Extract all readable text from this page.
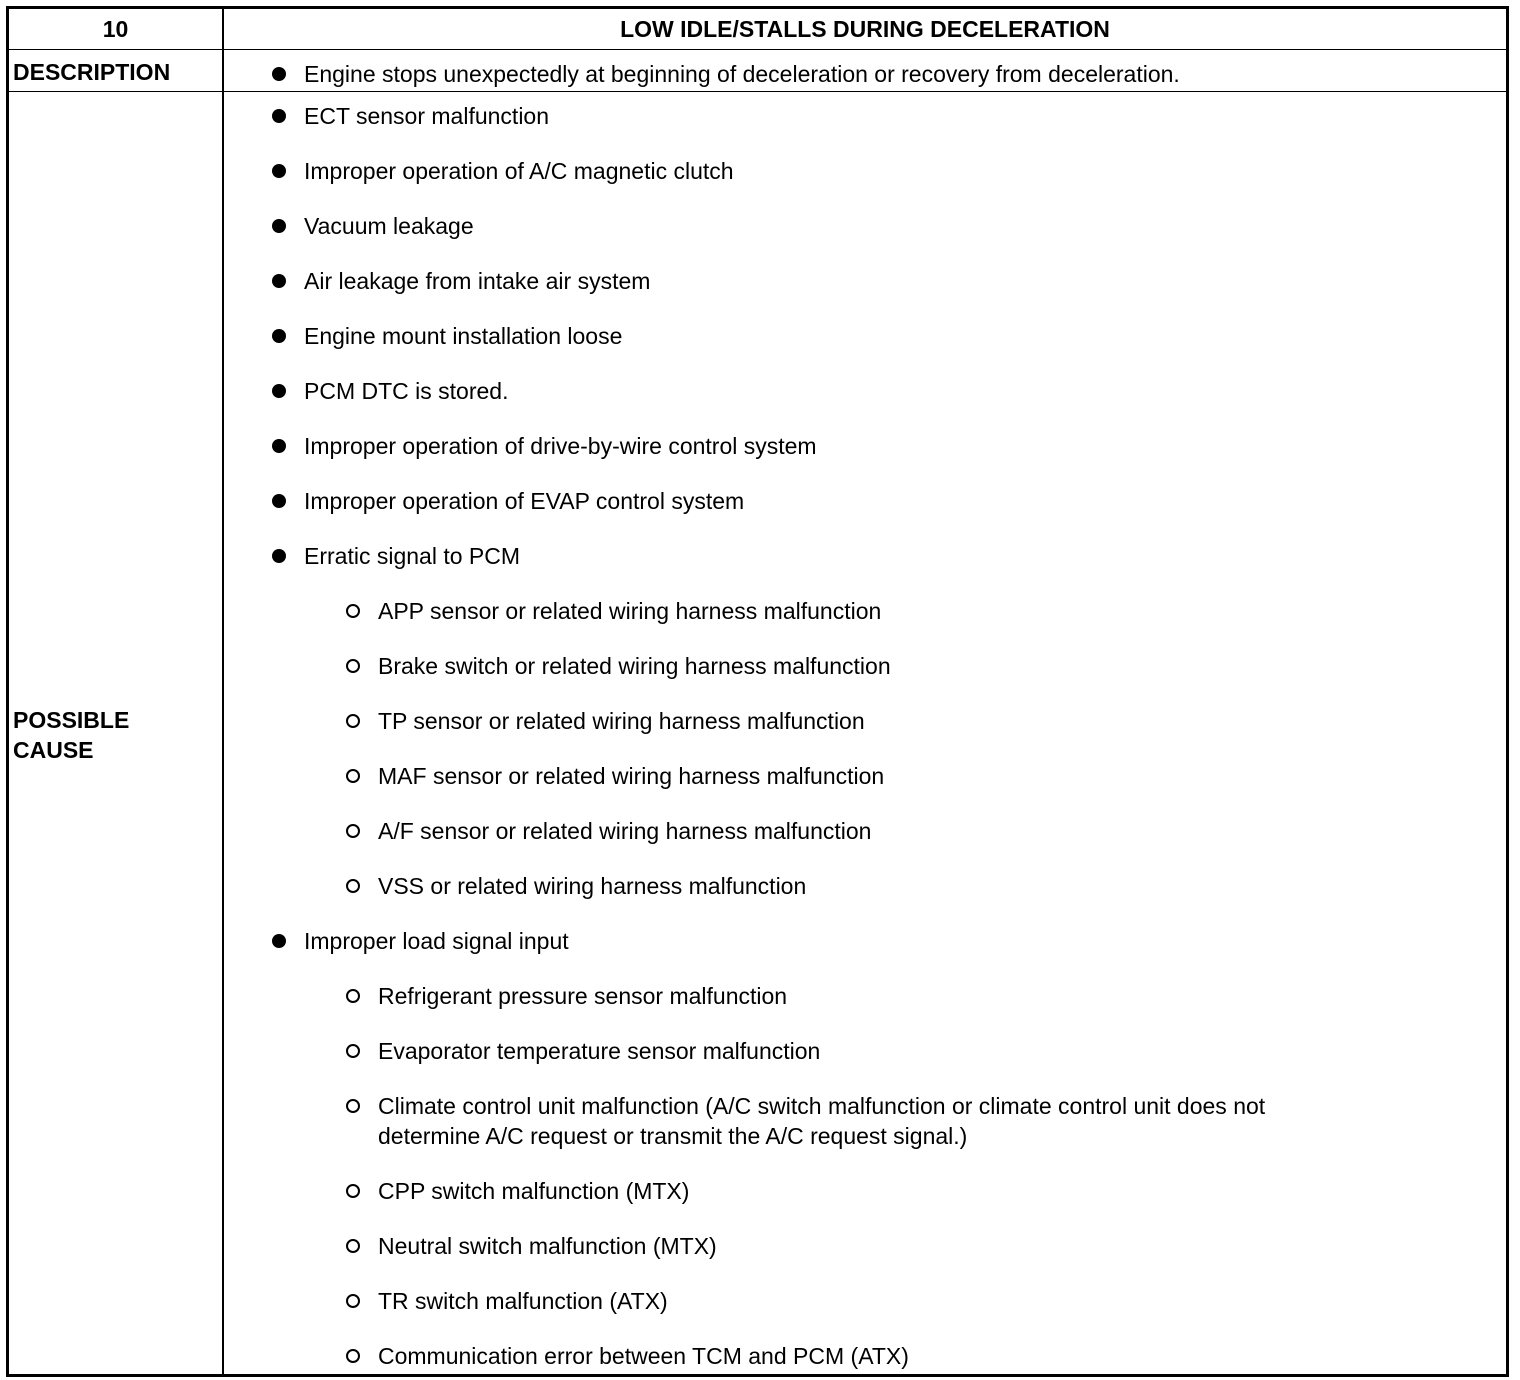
10	LOW IDLE/STALLS DURING DECELERATION
DESCRIPTION	Engine stops unexpectedly at beginning of deceleration or recovery from deceleration.
POSSIBLE
CAUSE
ECT sensor malfunction
Improper operation of A/C magnetic clutch
Vacuum leakage
Air leakage from intake air system
Engine mount installation loose
PCM DTC is stored.
Improper operation of drive-by-wire control system
Improper operation of EVAP control system
Erratic signal to PCM
APP sensor or related wiring harness malfunction
Brake switch or related wiring harness malfunction
TP sensor or related wiring harness malfunction
MAF sensor or related wiring harness malfunction
A/F sensor or related wiring harness malfunction
VSS or related wiring harness malfunction
Improper load signal input
Refrigerant pressure sensor malfunction
Evaporator temperature sensor malfunction
Climate control unit malfunction (A/C switch malfunction or climate control unit does not
determine A/C request or transmit the A/C request signal.)
CPP switch malfunction (MTX)
Neutral switch malfunction (MTX)
TR switch malfunction (ATX)
Communication error between TCM and PCM (ATX)
